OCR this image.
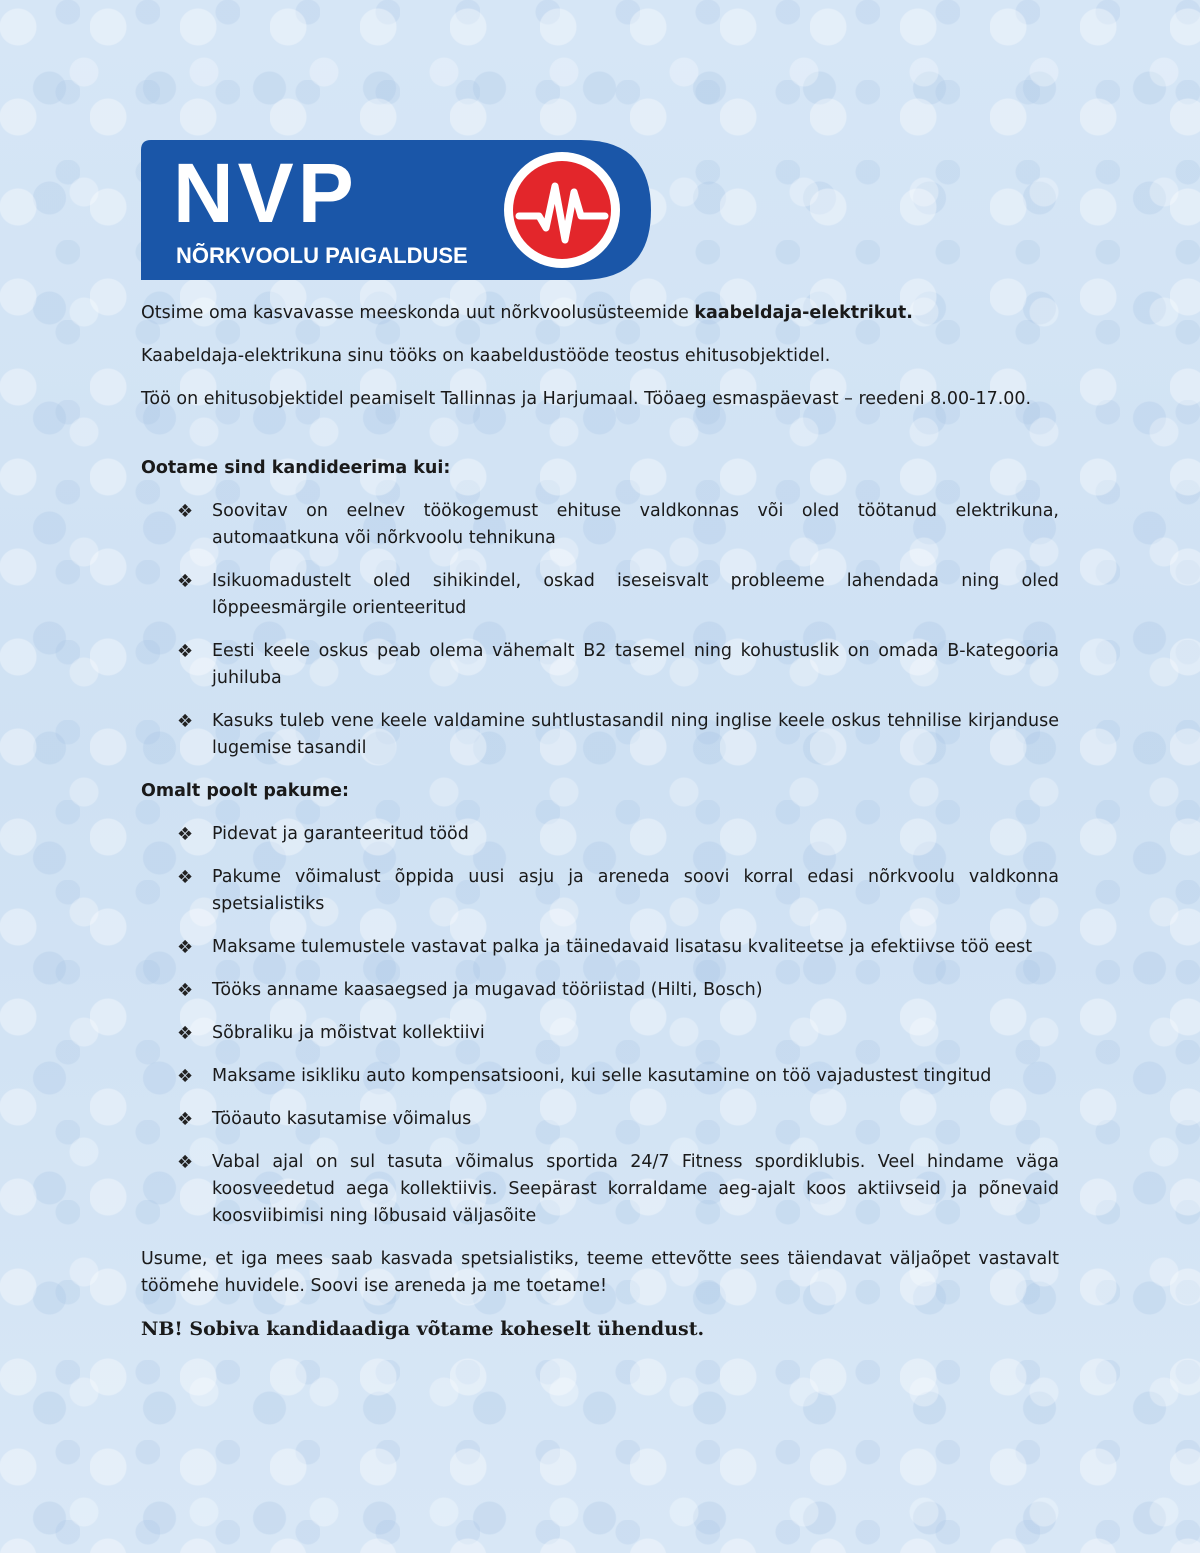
NVP
NÕRKVOOLU PAIGALDUSE

Otsime oma kasvavasse meeskonda uut nõrkvoolusüsteemide kaabeldaja-elektrikut.

Kaabeldaja-elektrikuna sinu tööks on kaabeldustööde teostus ehitusobjektidel.

Töö on ehitusobjektidel peamiselt Tallinnas ja Harjumaal. Tööaeg esmaspäevast – reedeni 8.00-17.00.

Ootame sind kandideerima kui:

❖ Soovitav on eelnev töökogemust ehituse valdkonnas või oled töötanud elektrikuna, automaatkuna või nõrkvoolu tehnikuna
❖ Isikuomadustelt oled sihikindel, oskad iseseisvalt probleeme lahendada ning oled lõppeesmärgile orienteeritud
❖ Eesti keele oskus peab olema vähemalt B2 tasemel ning kohustuslik on omada B-kategooria juhiluba
❖ Kasuks tuleb vene keele valdamine suhtlustasandil ning inglise keele oskus tehnilise kirjanduse lugemise tasandil

Omalt poolt pakume:

❖ Pidevat ja garanteeritud tööd
❖ Pakume võimalust õppida uusi asju ja areneda soovi korral edasi nõrkvoolu valdkonna spetsialistiks
❖ Maksame tulemustele vastavat palka ja täinedavaid lisatasu kvaliteetse ja efektiivse töö eest
❖ Tööks anname kaasaegsed ja mugavad tööriistad (Hilti, Bosch)
❖ Sõbraliku ja mõistvat kollektiivi
❖ Maksame isikliku auto kompensatsiooni, kui selle kasutamine on töö vajadustest tingitud
❖ Tööauto kasutamise võimalus
❖ Vabal ajal on sul tasuta võimalus sportida 24/7 Fitness spordiklubis. Veel hindame väga koosveedetud aega kollektiivis. Seepärast korraldame aeg-ajalt koos aktiivseid ja põnevaid koosviibimisi ning lõbusaid väljasõite

Usume, et iga mees saab kasvada spetsialistiks, teeme ettevõtte sees täiendavat väljaõpet vastavalt töömehe huvidele. Soovi ise areneda ja me toetame!

NB! Sobiva kandidaadiga võtame koheselt ühendust.
